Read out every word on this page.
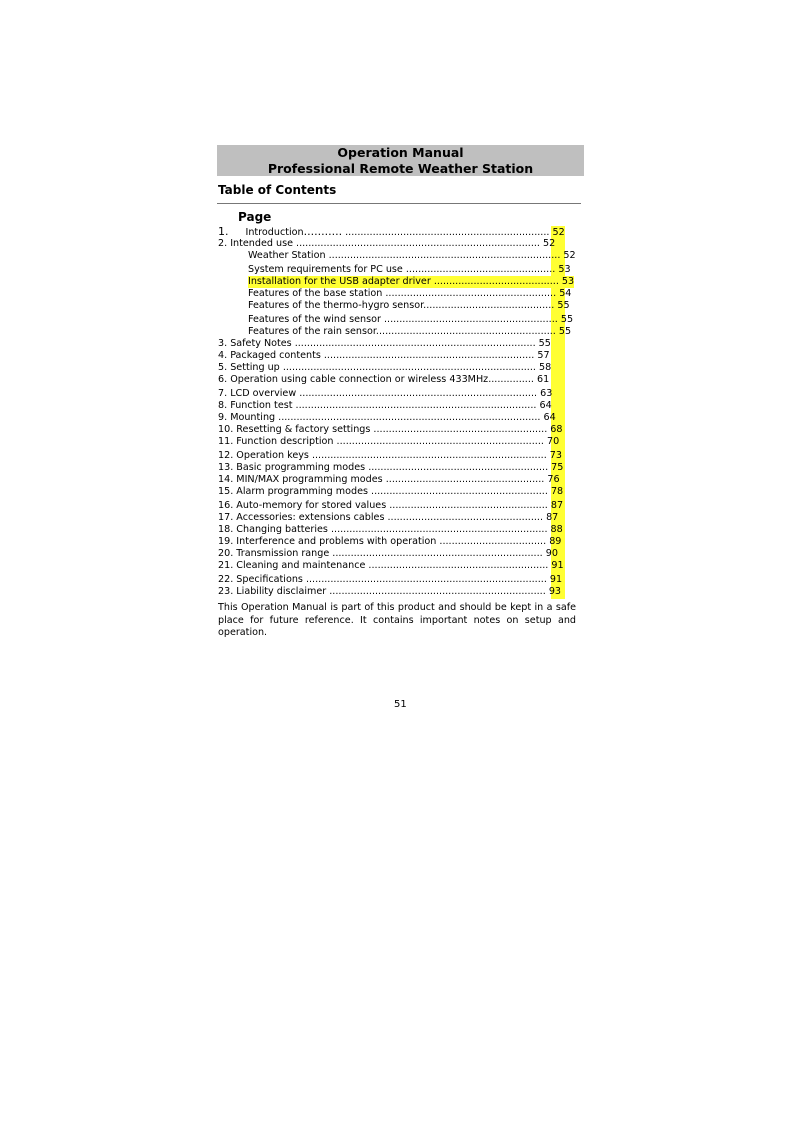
Operation Manual
Professional Remote Weather Station
Table of Contents
Page
1. Introduction........... ................................................................... 52
2. Intended use ................................................................................ 52
Weather Station ............................................................................ 52
System requirements for PC use ................................................. 53
Installation for the USB adapter driver ......................................... 53
Features of the base station ........................................................ 54
Features of the thermo-hygro sensor........................................... 55
Features of the wind sensor ......................................................... 55
Features of the rain sensor........................................................... 55
3. Safety Notes ............................................................................... 55
4. Packaged contents ..................................................................... 57
5. Setting up ................................................................................... 58
6. Operation using cable connection or wireless 433MHz............... 61
7. LCD overview .............................................................................. 63
8. Function test ............................................................................... 64
9. Mounting ...................................................................................... 64
10. Resetting & factory settings ......................................................... 68
11. Function description .................................................................... 70
12. Operation keys ............................................................................. 73
13. Basic programming modes ........................................................... 75
14. MIN/MAX programming modes .................................................... 76
15. Alarm programming modes .......................................................... 78
16. Auto-memory for stored values .................................................... 87
17. Accessories: extensions cables ................................................... 87
18. Changing batteries ....................................................................... 88
19. Interference and problems with operation ................................... 89
20. Transmission range ..................................................................... 90
21. Cleaning and maintenance ........................................................... 91
22. Specifications ............................................................................... 91
23. Liability disclaimer ....................................................................... 93
This Operation Manual is part of this product and should be kept in a safe place for future reference. It contains important notes on setup and operation.
51
